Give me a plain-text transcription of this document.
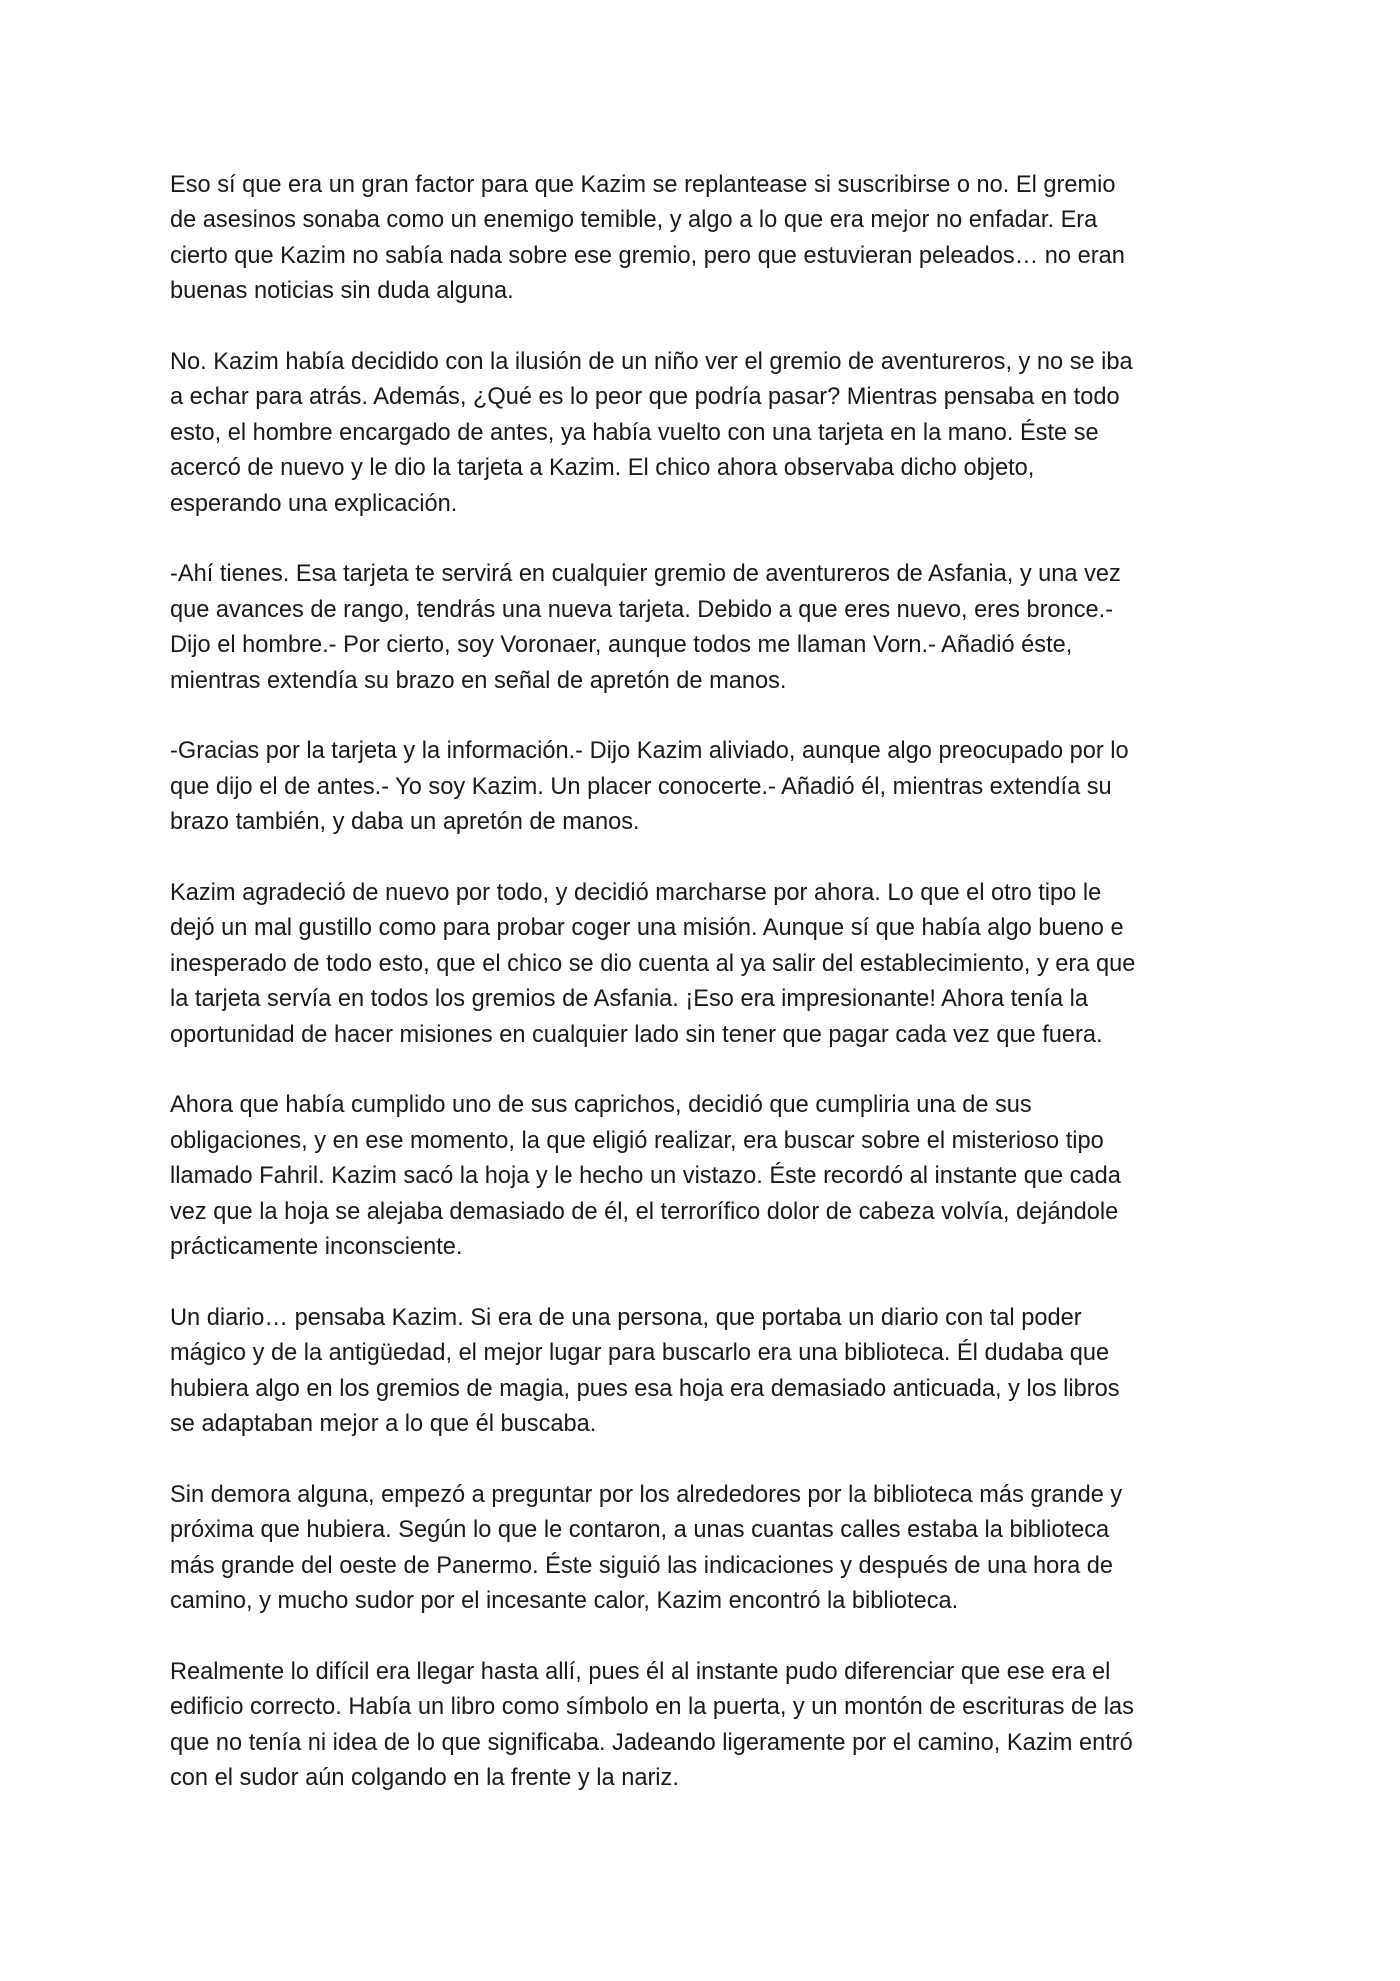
Eso sí que era un gran factor para que Kazim se replantease si suscribirse o no. El gremio
de asesinos sonaba como un enemigo temible, y algo a lo que era mejor no enfadar. Era
cierto que Kazim no sabía nada sobre ese gremio, pero que estuvieran peleados… no eran
buenas noticias sin duda alguna.

No. Kazim había decidido con la ilusión de un niño ver el gremio de aventureros, y no se iba
a echar para atrás. Además, ¿Qué es lo peor que podría pasar? Mientras pensaba en todo
esto, el hombre encargado de antes, ya había vuelto con una tarjeta en la mano. Éste se
acercó de nuevo y le dio la tarjeta a Kazim. El chico ahora observaba dicho objeto,
esperando una explicación.

-Ahí tienes. Esa tarjeta te servirá en cualquier gremio de aventureros de Asfania, y una vez
que avances de rango, tendrás una nueva tarjeta. Debido a que eres nuevo, eres bronce.-
Dijo el hombre.- Por cierto, soy Voronaer, aunque todos me llaman Vorn.- Añadió éste,
mientras extendía su brazo en señal de apretón de manos.

-Gracias por la tarjeta y la información.- Dijo Kazim aliviado, aunque algo preocupado por lo
que dijo el de antes.- Yo soy Kazim. Un placer conocerte.- Añadió él, mientras extendía su
brazo también, y daba un apretón de manos.

Kazim agradeció de nuevo por todo, y decidió marcharse por ahora. Lo que el otro tipo le
dejó un mal gustillo como para probar coger una misión. Aunque sí que había algo bueno e
inesperado de todo esto, que el chico se dio cuenta al ya salir del establecimiento, y era que
la tarjeta servía en todos los gremios de Asfania. ¡Eso era impresionante! Ahora tenía la
oportunidad de hacer misiones en cualquier lado sin tener que pagar cada vez que fuera.

Ahora que había cumplido uno de sus caprichos, decidió que cumpliria una de sus
obligaciones, y en ese momento, la que eligió realizar, era buscar sobre el misterioso tipo
llamado Fahril. Kazim sacó la hoja y le hecho un vistazo. Éste recordó al instante que cada
vez que la hoja se alejaba demasiado de él, el terrorífico dolor de cabeza volvía, dejándole
prácticamente inconsciente.

Un diario… pensaba Kazim. Si era de una persona, que portaba un diario con tal poder
mágico y de la antigüedad, el mejor lugar para buscarlo era una biblioteca. Él dudaba que
hubiera algo en los gremios de magia, pues esa hoja era demasiado anticuada, y los libros
se adaptaban mejor a lo que él buscaba.

Sin demora alguna, empezó a preguntar por los alrededores por la biblioteca más grande y
próxima que hubiera. Según lo que le contaron, a unas cuantas calles estaba la biblioteca
más grande del oeste de Panermo. Éste siguió las indicaciones y después de una hora de
camino, y mucho sudor por el incesante calor, Kazim encontró la biblioteca.

Realmente lo difícil era llegar hasta allí, pues él al instante pudo diferenciar que ese era el
edificio correcto. Había un libro como símbolo en la puerta, y un montón de escrituras de las
que no tenía ni idea de lo que significaba. Jadeando ligeramente por el camino, Kazim entró
con el sudor aún colgando en la frente y la nariz.
